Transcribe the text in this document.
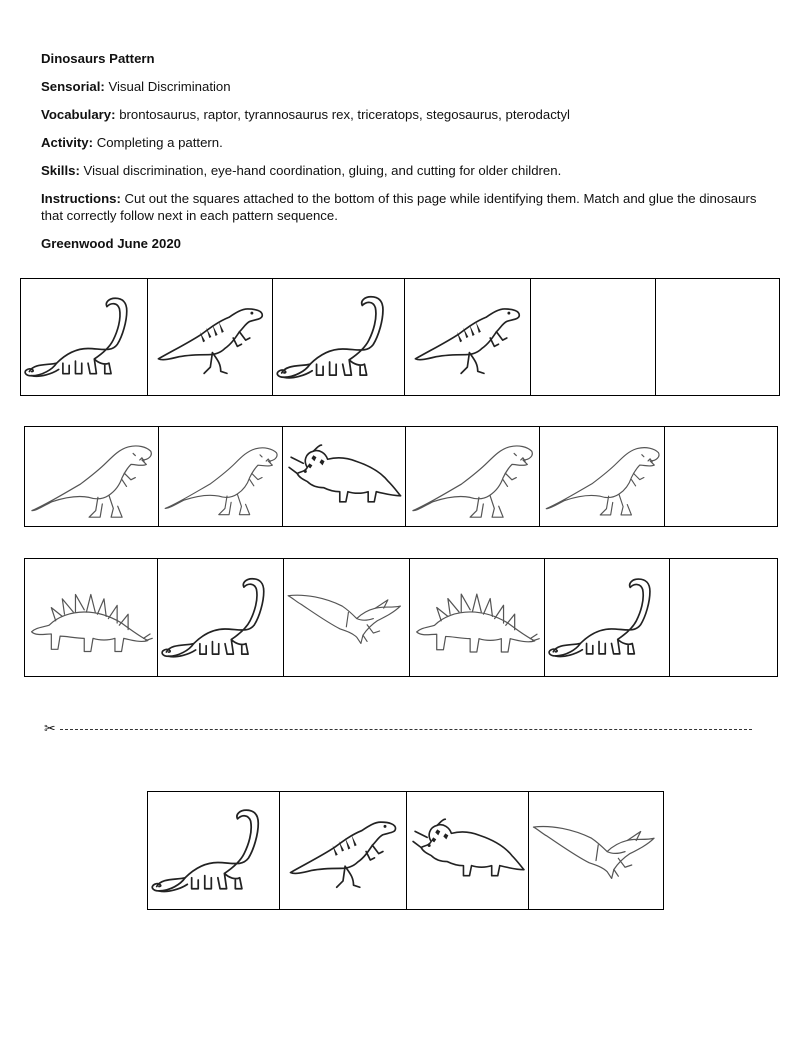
Dinosaurs Pattern

Sensorial: Visual Discrimination

Vocabulary: brontosaurus, raptor, tyrannosaurus rex, triceratops, stegosaurus, pterodactyl

Activity: Completing a pattern.

Skills: Visual discrimination, eye-hand coordination, gluing, and cutting for older children.

Instructions: Cut out the squares attached to the bottom of this page while identifying them. Match and glue the dinosaurs that correctly follow next in each pattern sequence.

Greenwood June 2020

✂
